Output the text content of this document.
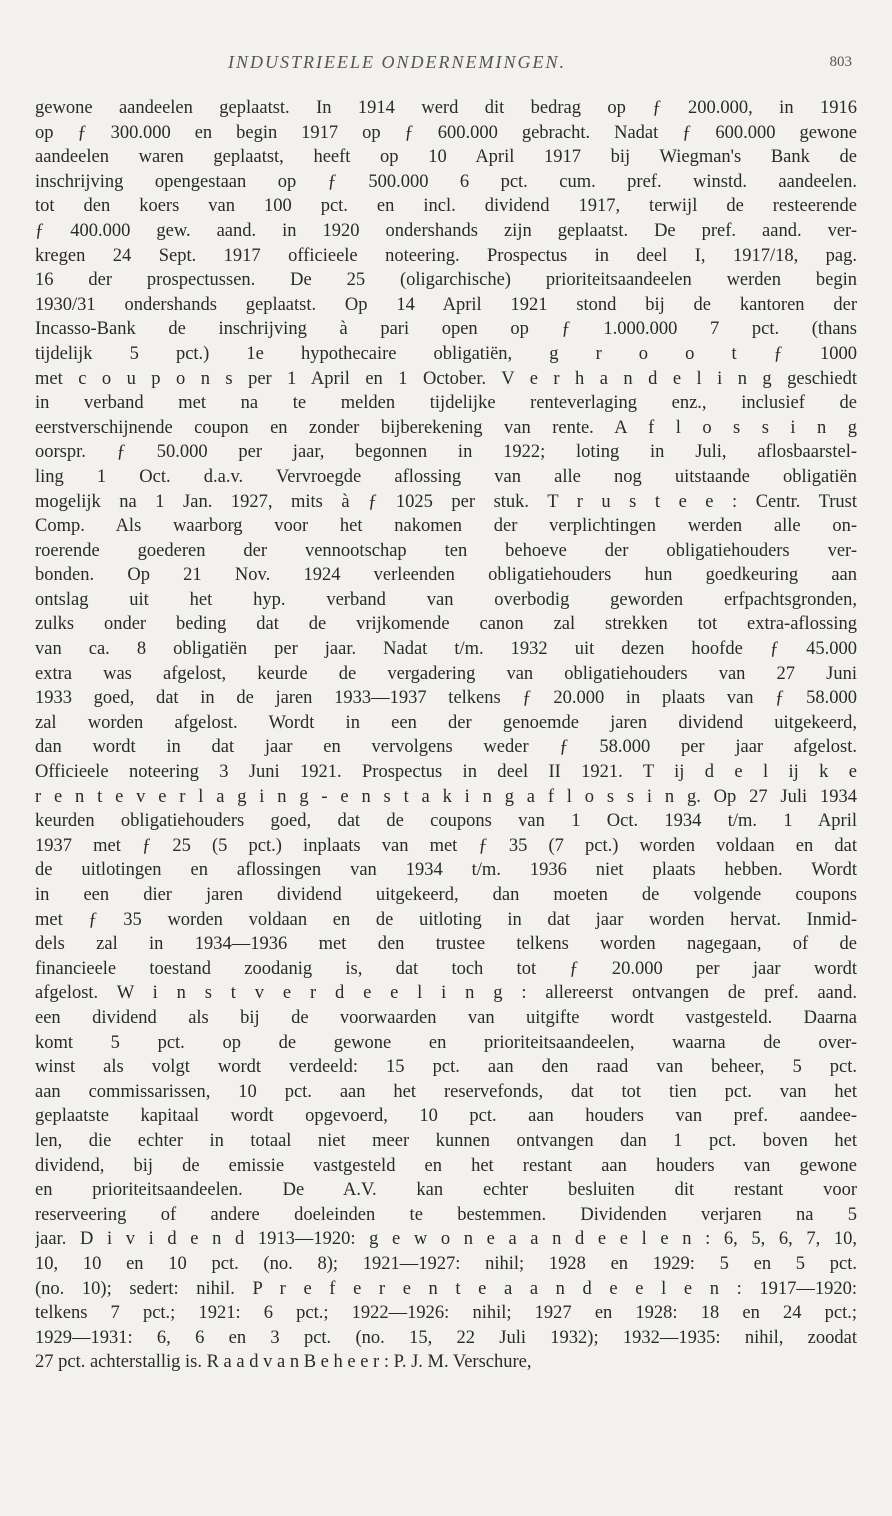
INDUSTRIEELE ONDERNEMINGEN.	803
gewone aandeelen geplaatst. In 1914 werd dit bedrag op ƒ 200.000, in 1916
op ƒ 300.000 en begin 1917 op ƒ 600.000 gebracht. Nadat ƒ 600.000 gewone
aandeelen waren geplaatst, heeft op 10 April 1917 bij Wiegman's Bank de
inschrijving opengestaan op ƒ 500.000 6 pct. cum. pref. winstd. aandeelen.
tot den koers van 100 pct. en incl. dividend 1917, terwijl de resteerende
ƒ 400.000 gew. aand. in 1920 ondershands zijn geplaatst. De pref. aand. ver-
kregen 24 Sept. 1917 officieele noteering. Prospectus in deel I, 1917/18, pag.
16 der prospectussen. De 25 (oligarchische) prioriteitsaandeelen werden begin
1930/31 ondershands geplaatst. Op 14 April 1921 stond bij de kantoren der
Incasso-Bank de inschrijving à pari open op ƒ 1.000.000 7 pct. (thans
tijdelijk 5 pct.) 1e hypothecaire obligatiën, g r o o t ƒ 1000
met c o u p o n s per 1 April en 1 October. V e r h a n d e l i n g geschiedt
in verband met na te melden tijdelijke renteverlaging enz., inclusief de
eerstverschijnende coupon en zonder bijberekening van rente. A f l o s s i n g
oorspr. ƒ 50.000 per jaar, begonnen in 1922; loting in Juli, aflosbaarstel-
ling 1 Oct. d.a.v. Vervroegde aflossing van alle nog uitstaande obligatiën
mogelijk na 1 Jan. 1927, mits à ƒ 1025 per stuk. T r u s t e e : Centr. Trust
Comp. Als waarborg voor het nakomen der verplichtingen werden alle on-
roerende goederen der vennootschap ten behoeve der obligatiehouders ver-
bonden. Op 21 Nov. 1924 verleenden obligatiehouders hun goedkeuring aan
ontslag uit het hyp. verband van overbodig geworden erfpachtsgronden,
zulks onder beding dat de vrijkomende canon zal strekken tot extra-aflossing
van ca. 8 obligatiën per jaar. Nadat t/m. 1932 uit dezen hoofde ƒ 45.000
extra was afgelost, keurde de vergadering van obligatiehouders van 27 Juni
1933 goed, dat in de jaren 1933—1937 telkens ƒ 20.000 in plaats van ƒ 58.000
zal worden afgelost. Wordt in een der genoemde jaren dividend uitgekeerd,
dan wordt in dat jaar en vervolgens weder ƒ 58.000 per jaar afgelost.
Officieele noteering 3 Juni 1921. Prospectus in deel II 1921. T ij d e l ij k e
r e n t e v e r l a g i n g - e n s t a k i n g a f l o s s i n g. Op 27 Juli 1934
keurden obligatiehouders goed, dat de coupons van 1 Oct. 1934 t/m. 1 April
1937 met ƒ 25 (5 pct.) inplaats van met ƒ 35 (7 pct.) worden voldaan en dat
de uitlotingen en aflossingen van 1934 t/m. 1936 niet plaats hebben. Wordt
in een dier jaren dividend uitgekeerd, dan moeten de volgende coupons
met ƒ 35 worden voldaan en de uitloting in dat jaar worden hervat. Inmid-
dels zal in 1934—1936 met den trustee telkens worden nagegaan, of de
financieele toestand zoodanig is, dat toch tot ƒ 20.000 per jaar wordt
afgelost. W i n s t v e r d e e l i n g : allereerst ontvangen de pref. aand.
een dividend als bij de voorwaarden van uitgifte wordt vastgesteld. Daarna
komt 5 pct. op de gewone en prioriteitsaandeelen, waarna de over-
winst als volgt wordt verdeeld: 15 pct. aan den raad van beheer, 5 pct.
aan commissarissen, 10 pct. aan het reservefonds, dat tot tien pct. van het
geplaatste kapitaal wordt opgevoerd, 10 pct. aan houders van pref. aandee-
len, die echter in totaal niet meer kunnen ontvangen dan 1 pct. boven het
dividend, bij de emissie vastgesteld en het restant aan houders van gewone
en prioriteitsaandeelen. De A.V. kan echter besluiten dit restant voor
reserveering of andere doeleinden te bestemmen. Dividenden verjaren na 5
jaar. D i v i d e n d 1913—1920: g e w o n e a a n d e e l e n : 6, 5, 6, 7, 10,
10, 10 en 10 pct. (no. 8); 1921—1927: nihil; 1928 en 1929: 5 en 5 pct.
(no. 10); sedert: nihil. P r e f e r e n t e a a n d e e l e n : 1917—1920:
telkens 7 pct.; 1921: 6 pct.; 1922—1926: nihil; 1927 en 1928: 18 en 24 pct.;
1929—1931: 6, 6 en 3 pct. (no. 15, 22 Juli 1932); 1932—1935: nihil, zoodat
27 pct. achterstallig is. R a a d v a n B e h e e r : P. J. M. Verschure,
